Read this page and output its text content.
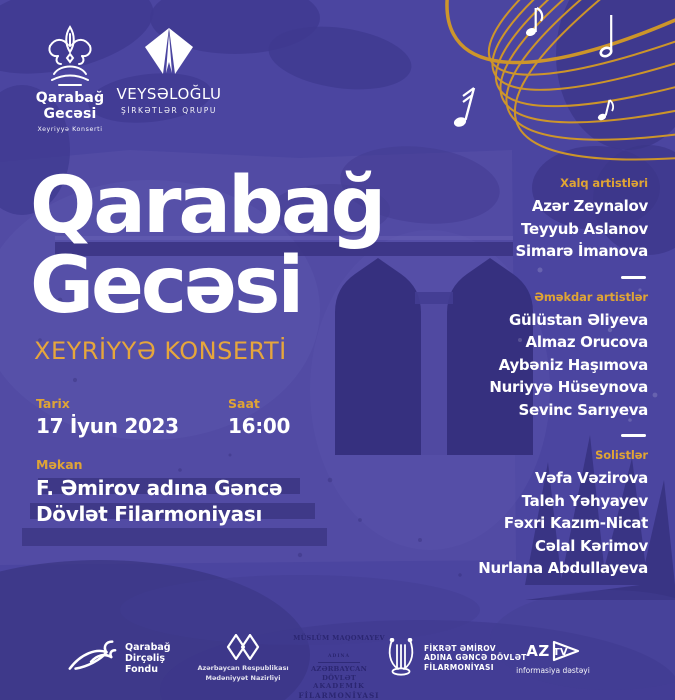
Qarabağ
Gecəsi
Xeyriyyə Konserti
VEYSƏLOĞLU
ŞİRKƏTLƏR QRUPU
Qarabağ
Gecəsi
XEYRİYYƏ KONSERTİ
Tarix
17 İyun 2023
Saat
16:00
Məkan
F. Əmirov adına Gəncə
Dövlət Filarmoniyası
Xalq artistləri
Azər Zeynalov
Teyyub Aslanov
Simarə İmanova
Əməkdar artistlər
Gülüstan Əliyeva
Almaz Orucova
Aybəniz Haşımova
Nuriyyə Hüseynova
Sevinc Sarıyeva
Solistlər
Vəfa Vəzirova
Taleh Yəhyayev
Fəxri Kazım-Nicat
Cəlal Kərimov
Nurlana Abdullayeva
Qarabağ
Dirçəliş
Fondu	Azərbaycan Respublikası
Mədəniyyət Nazirliyi
MÜSLÜM MAQOMAYEV
ADINA
AZƏRBAYCAN DÖVLƏT
AKADEMİK
FİLARMONİYASI
FİKRƏT ƏMİROV
ADINA GƏNCƏ DÖVLƏT
FİLARMONİYASI
AZ TV
informasiya dəstəyi
